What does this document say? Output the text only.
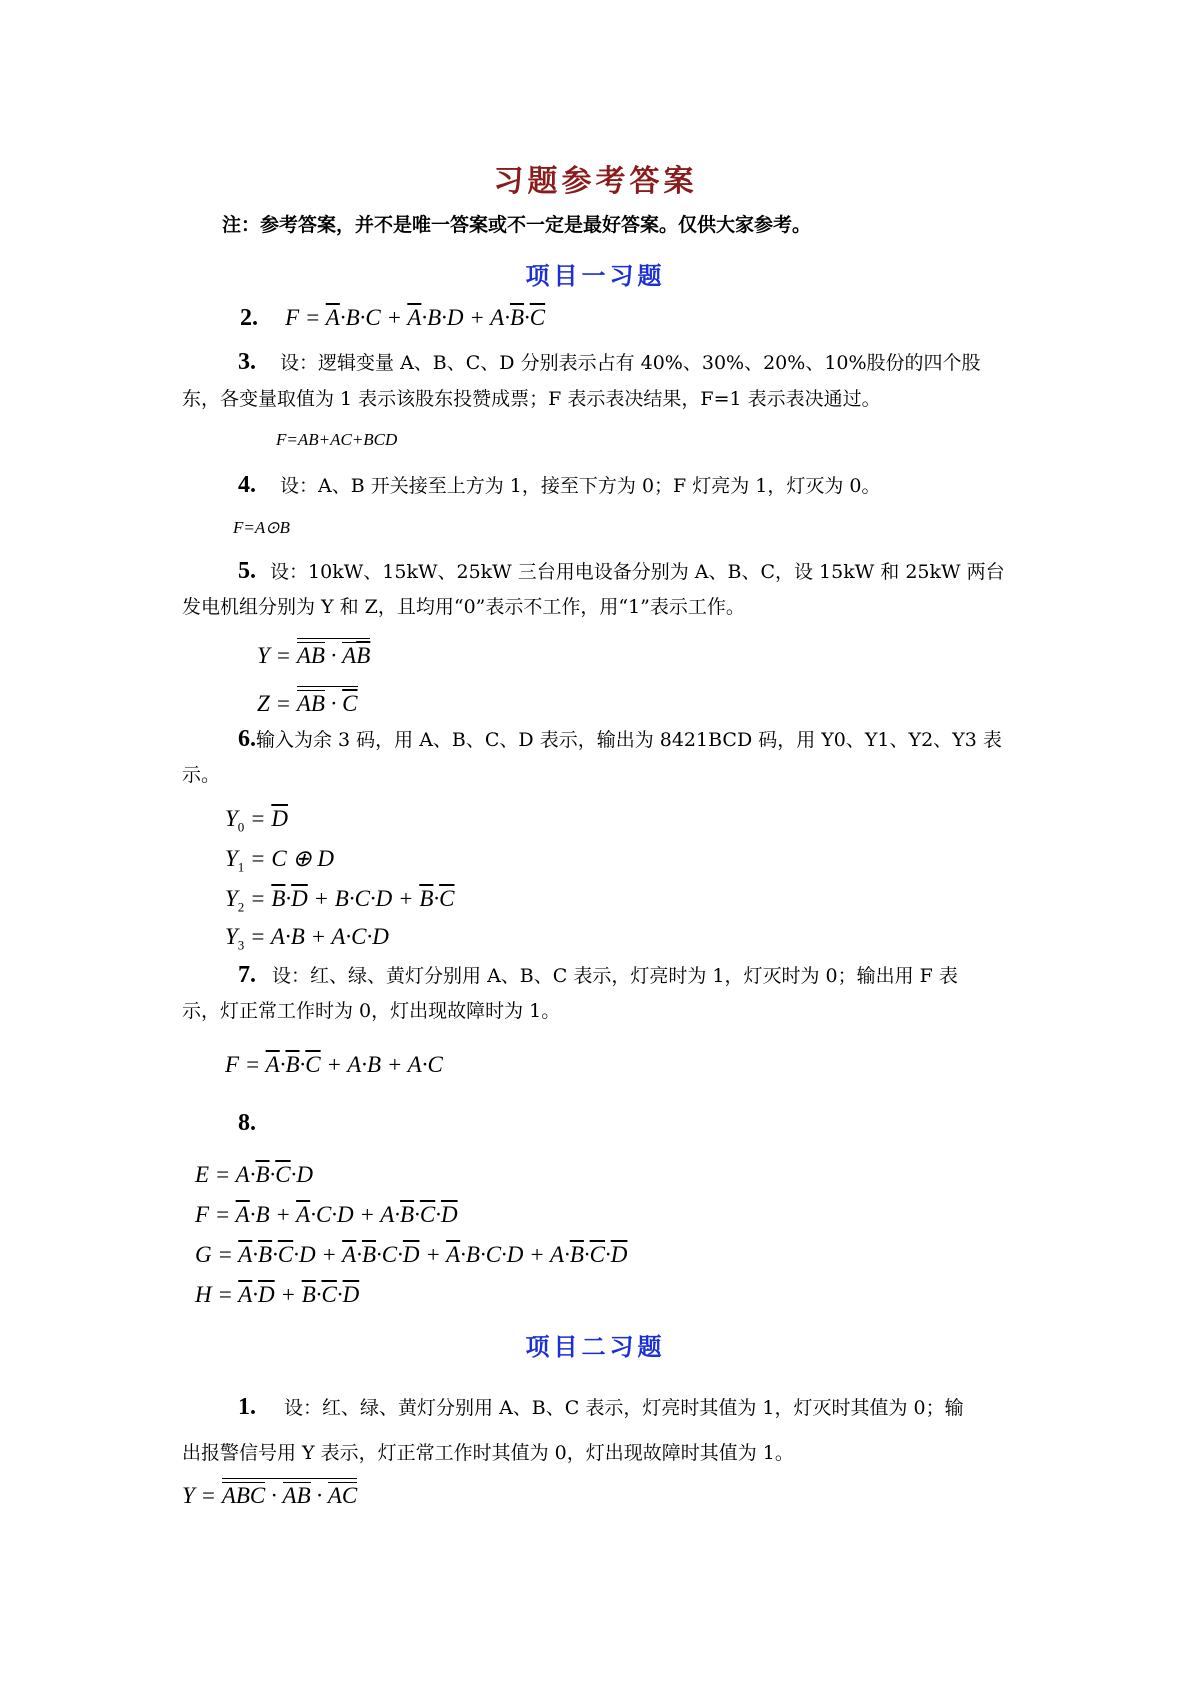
习题参考答案
注：参考答案，并不是唯一答案或不一定是最好答案。仅供大家参考。
项目一习题
2. $F = \overline{A}\cdot B\cdot C + \overline{A}\cdot B\cdot D + A\cdot\overline{B}\cdot\overline{C}$
3. 设：逻辑变量 A、B、C、D 分别表示占有 40%、30%、20%、10%股份的四个股
东，各变量取值为 1 表示该股东投赞成票；F 表示表决结果，F=1 表示表决通过。
F=AB+AC+BCD
4. 设：A、B 开关接至上方为 1，接至下方为 0；F 灯亮为 1，灯灭为 0。
F=A⊙B
5. 设：10kW、15kW、25kW 三台用电设备分别为 A、B、C，设 15kW 和 25kW 两台
发电机组分别为 Y 和 Z，且均用“0”表示不工作，用“1”表示工作。
Y = AB · $A\overline{B}$
Z = AB · $\overline{C}$
6.输入为余 3 码，用 A、B、C、D 表示，输出为 8421BCD 码，用 Y0、Y1、Y2、Y3 表
示。
$Y_0 = \overline{D}$
$Y_1 = C$ ⊕ D
$Y_2 = \overline{B}\cdot\overline{D} + B\cdot C\cdot D + \overline{B}\cdot\overline{C}$
$Y_3 = A\cdot B + A\cdot C\cdot D$
7. 设：红、绿、黄灯分别用 A、B、C 表示，灯亮时为 1，灯灭时为 0；输出用 F 表
示，灯正常工作时为 0，灯出现故障时为 1。
$F = \overline{A}\cdot\overline{B}\cdot\overline{C} + A\cdot B + A\cdot C$
8.
$E = A\cdot\overline{B}\cdot\overline{C}\cdot D$
$F = \overline{A}\cdot B + \overline{A}\cdot C\cdot D + A\cdot\overline{B}\cdot\overline{C}\cdot\overline{D}$
$G = \overline{A}\cdot\overline{B}\cdot\overline{C}\cdot D + \overline{A}\cdot\overline{B}\cdot C\cdot\overline{D} + \overline{A}\cdot B\cdot C\cdot D + A\cdot\overline{B}\cdot\overline{C}\cdot\overline{D}$
$H = \overline{A}\cdot\overline{D} + \overline{B}\cdot\overline{C}\cdot\overline{D}$
项目二习题
1. 设：红、绿、黄灯分别用 A、B、C 表示，灯亮时其值为 1，灯灭时其值为 0；输
出报警信号用 Y 表示，灯正常工作时其值为 0，灯出现故障时其值为 1。
Y = ABC · AB · AC
